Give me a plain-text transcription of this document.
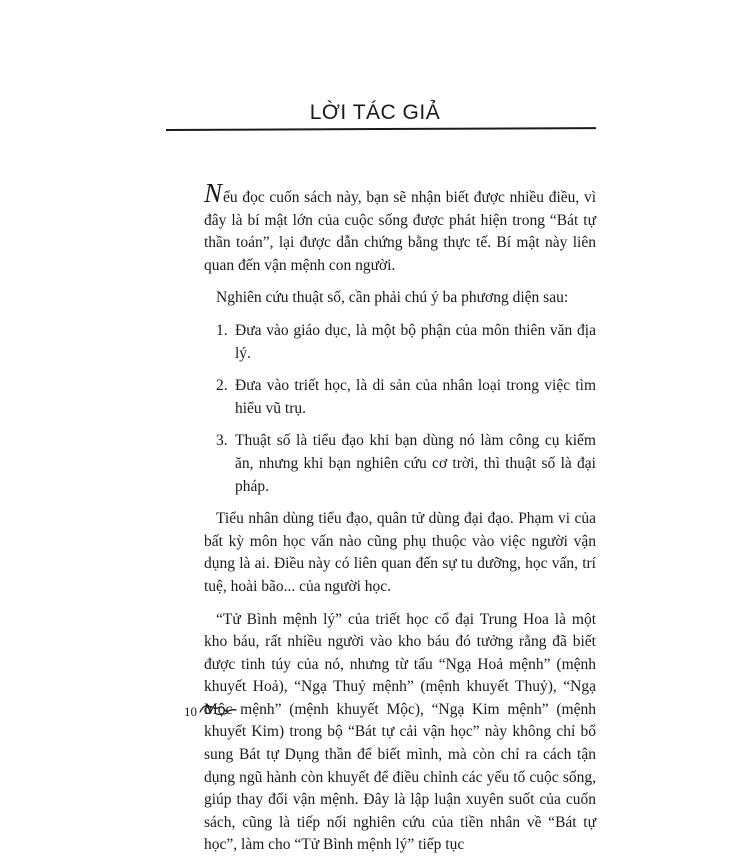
LỜI TÁC GIẢ

Nếu đọc cuốn sách này, bạn sẽ nhận biết được nhiều điều, vì đây là bí mật lớn của cuộc sống được phát hiện trong “Bát tự thần toán”, lại được dẫn chứng bằng thực tế. Bí mật này liên quan đến vận mệnh con người.

Nghiên cứu thuật số, cần phải chú ý ba phương diện sau:

1. Đưa vào giáo dục, là một bộ phận của môn thiên văn địa lý.
2. Đưa vào triết học, là di sản của nhân loại trong việc tìm hiểu vũ trụ.
3. Thuật số là tiểu đạo khi bạn dùng nó làm công cụ kiếm ăn, nhưng khi bạn nghiên cứu cơ trời, thì thuật số là đại pháp.

Tiểu nhân dùng tiểu đạo, quân tử dùng đại đạo. Phạm vi của bất kỳ môn học vấn nào cũng phụ thuộc vào việc người vận dụng là ai. Điều này có liên quan đến sự tu dưỡng, học vấn, trí tuệ, hoài bão... của người học.

“Tử Bình mệnh lý” của triết học cổ đại Trung Hoa là một kho báu, rất nhiều người vào kho báu đó tưởng rằng đã biết được tinh túy của nó, nhưng từ tấu “Ngạ Hoả mệnh” (mệnh khuyết Hoả), “Ngạ Thuỷ mệnh” (mệnh khuyết Thuỷ), “Ngạ Mộc mệnh” (mệnh khuyết Mộc), “Ngạ Kim mệnh” (mệnh khuyết Kim) trong bộ “Bát tự cải vận học” này không chỉ bổ sung Bát tự Dụng thần để biết mình, mà còn chỉ ra cách tận dụng ngũ hành còn khuyết để điều chỉnh các yếu tố cuộc sống, giúp thay đổi vận mệnh. Đây là lập luận xuyên suốt của cuốn sách, cũng là tiếp nối nghiên cứu của tiền nhân về “Bát tự học”, làm cho “Tử Bình mệnh lý” tiếp tục

10
